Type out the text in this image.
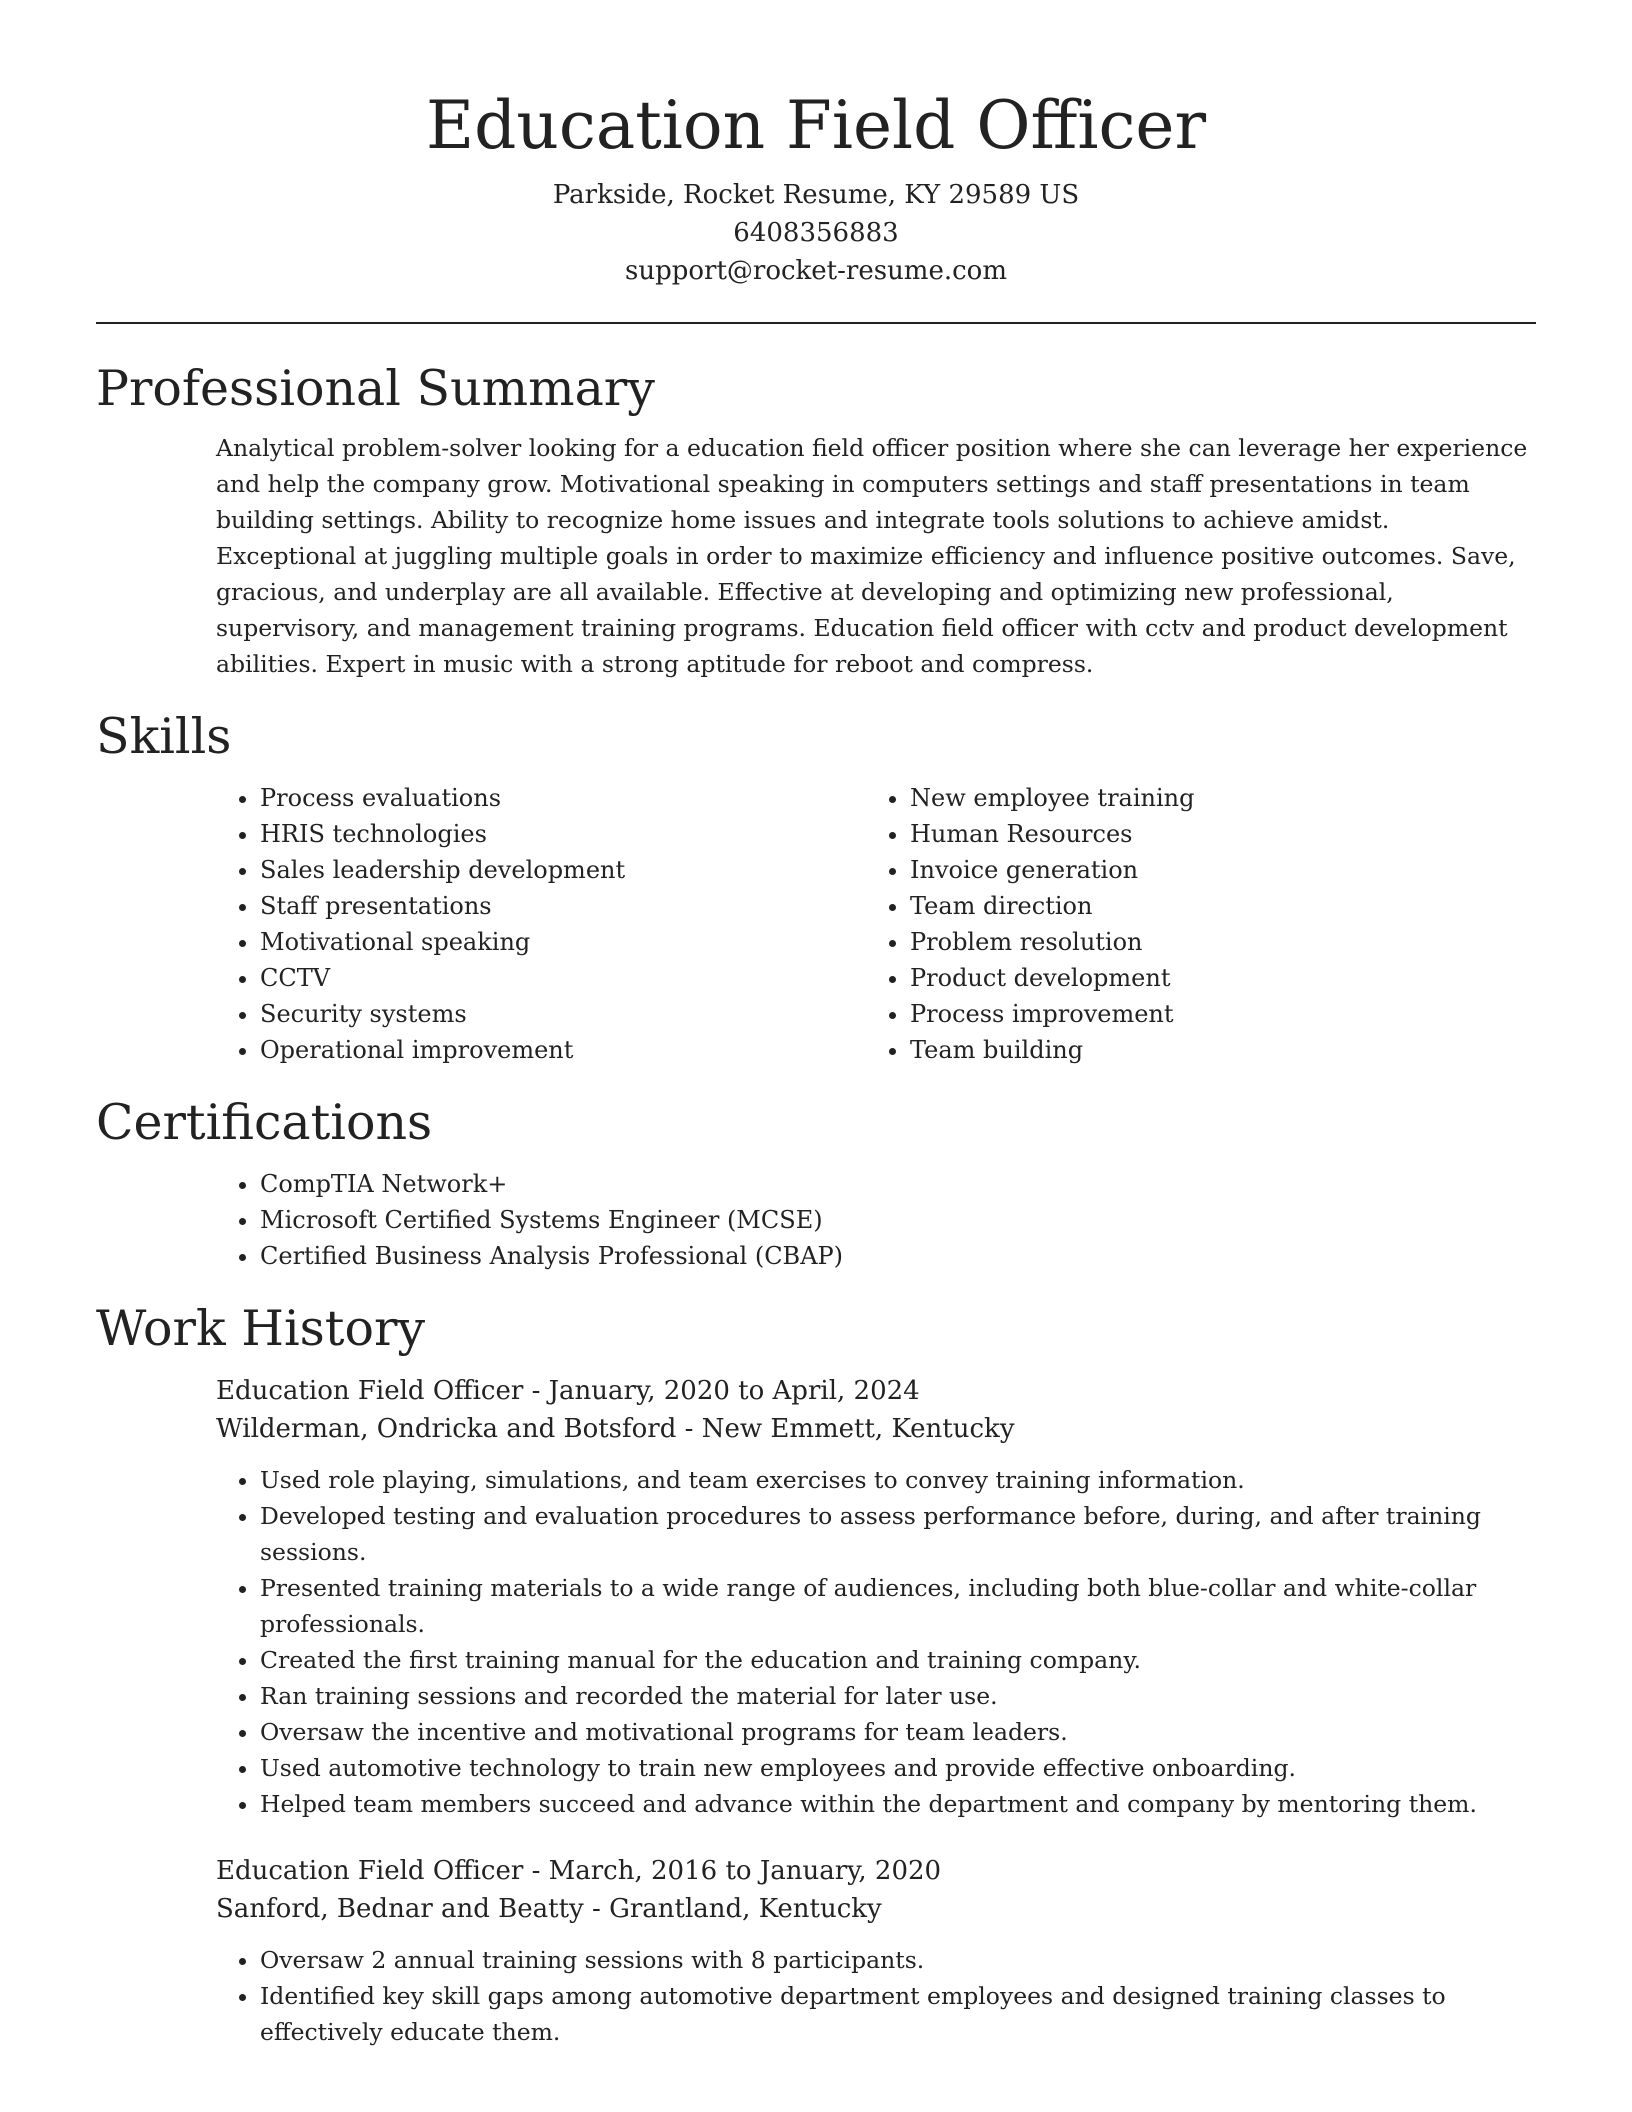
Education Field Officer

Parkside, Rocket Resume, KY 29589 US

6408356883

support@rocket-resume.com

Professional Summary

Analytical problem-solver looking for a education field officer position where she can leverage her experience and help the company grow. Motivational speaking in computers settings and staff presentations in team building settings. Ability to recognize home issues and integrate tools solutions to achieve amidst. Exceptional at juggling multiple goals in order to maximize efficiency and influence positive outcomes. Save, gracious, and underplay are all available. Effective at developing and optimizing new professional, supervisory, and management training programs. Education field officer with cctv and product development abilities. Expert in music with a strong aptitude for reboot and compress.

Skills
• Process evaluations
• HRIS technologies
• Sales leadership development
• Staff presentations
• Motivational speaking
• CCTV
• Security systems
• Operational improvement
• New employee training
• Human Resources
• Invoice generation
• Team direction
• Problem resolution
• Product development
• Process improvement
• Team building
Certifications
• CompTIA Network+
• Microsoft Certified Systems Engineer (MCSE)
• Certified Business Analysis Professional (CBAP)
Work History

Education Field Officer - January, 2020 to April, 2024

Wilderman, Ondricka and Botsford - New Emmett, Kentucky

• Used role playing, simulations, and team exercises to convey training information.
• Developed testing and evaluation procedures to assess performance before, during, and after training sessions.
• Presented training materials to a wide range of audiences, including both blue-collar and white-collar professionals.
• Created the first training manual for the education and training company.
• Ran training sessions and recorded the material for later use.
• Oversaw the incentive and motivational programs for team leaders.
• Used automotive technology to train new employees and provide effective onboarding.
• Helped team members succeed and advance within the department and company by mentoring them.

Education Field Officer - March, 2016 to January, 2020

Sanford, Bednar and Beatty - Grantland, Kentucky

• Oversaw 2 annual training sessions with 8 participants.
• Identified key skill gaps among automotive department employees and designed training classes to effectively educate them.
